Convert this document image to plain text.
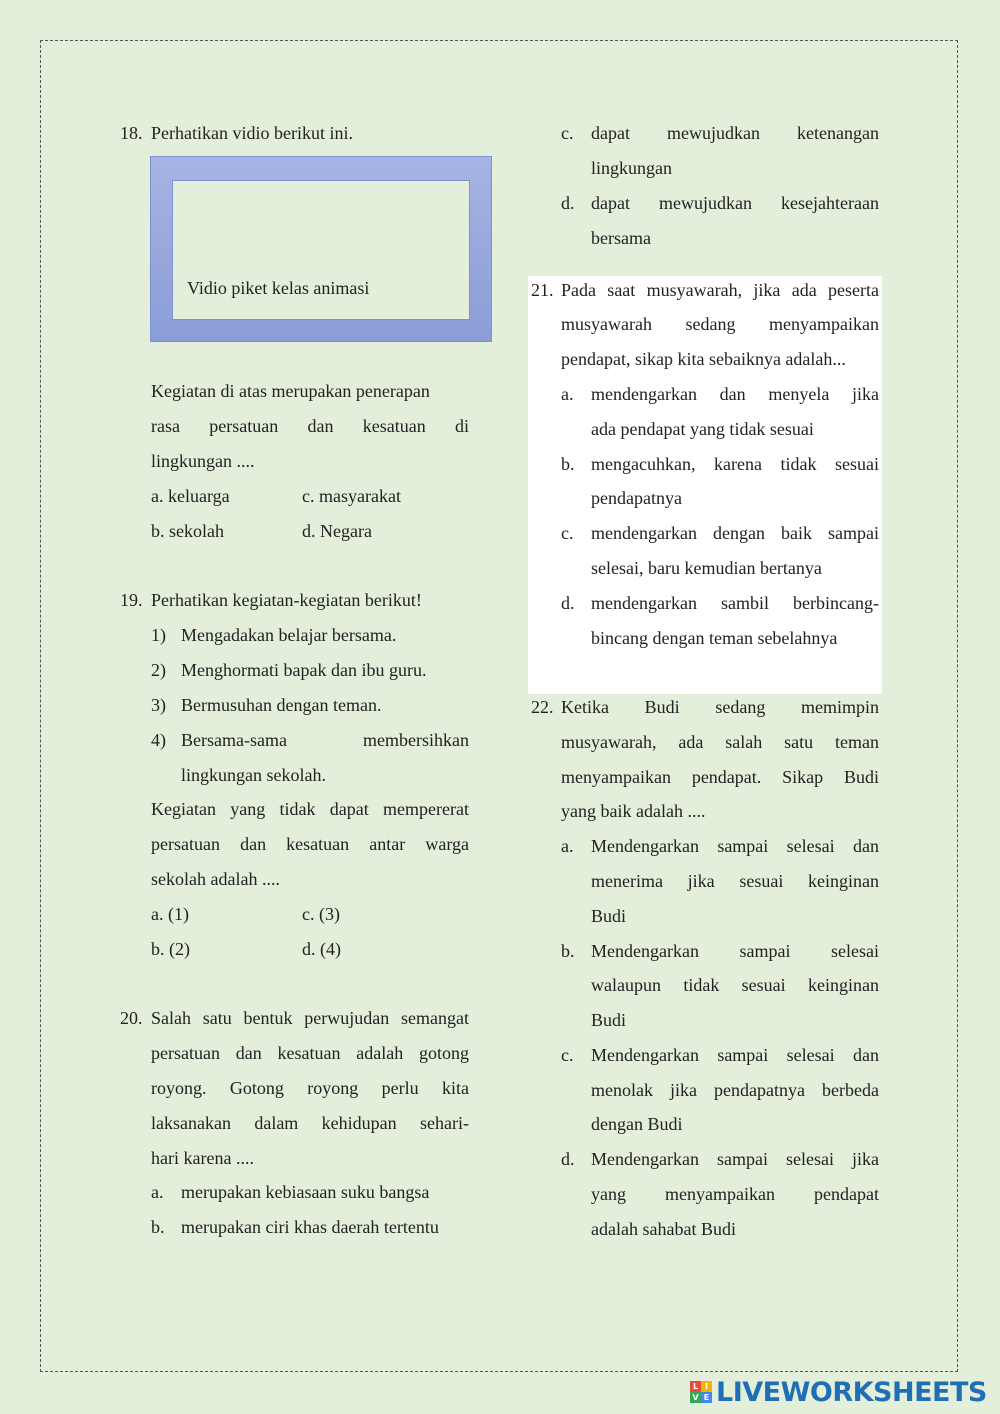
18. Perhatikan vidio berikut ini.
Vidio piket kelas animasi
Kegiatan di atas merupakan penerapan
rasa persatuan dan kesatuan di
lingkungan ....
a. keluarga	c. masyarakat
b. sekolah	d. Negara
19. Perhatikan kegiatan-kegiatan berikut!
1) Mengadakan belajar bersama.
2) Menghormati bapak dan ibu guru.
3) Bermusuhan dengan teman.
4) Bersama-sama membersihkan
lingkungan sekolah.
Kegiatan yang tidak dapat mempererat
persatuan dan kesatuan antar warga
sekolah adalah ....
a. (1)	c. (3)
b. (2)	d. (4)
20. Salah satu bentuk perwujudan semangat
persatuan dan kesatuan adalah gotong
royong. Gotong royong perlu kita
laksanakan dalam kehidupan sehari-
hari karena ....
a. merupakan kebiasaan suku bangsa
b. merupakan ciri khas daerah tertentu
c. dapat mewujudkan ketenangan
lingkungan
d. dapat mewujudkan kesejahteraan
bersama
21. Pada saat musyawarah, jika ada peserta
musyawarah sedang menyampaikan
pendapat, sikap kita sebaiknya adalah...
a. mendengarkan dan menyela jika
ada pendapat yang tidak sesuai
b. mengacuhkan, karena tidak sesuai
pendapatnya
c. mendengarkan dengan baik sampai
selesai, baru kemudian bertanya
d. mendengarkan sambil berbincang-
bincang dengan teman sebelahnya
22. Ketika Budi sedang memimpin
musyawarah, ada salah satu teman
menyampaikan pendapat. Sikap Budi
yang baik adalah ....
a. Mendengarkan sampai selesai dan
menerima jika sesuai keinginan
Budi
b. Mendengarkan sampai selesai
walaupun tidak sesuai keinginan
Budi
c. Mendengarkan sampai selesai dan
menolak jika pendapatnya berbeda
dengan Budi
d. Mendengarkan sampai selesai jika
yang menyampaikan pendapat
adalah sahabat Budi
L I
V E LIVEWORKSHEETS
